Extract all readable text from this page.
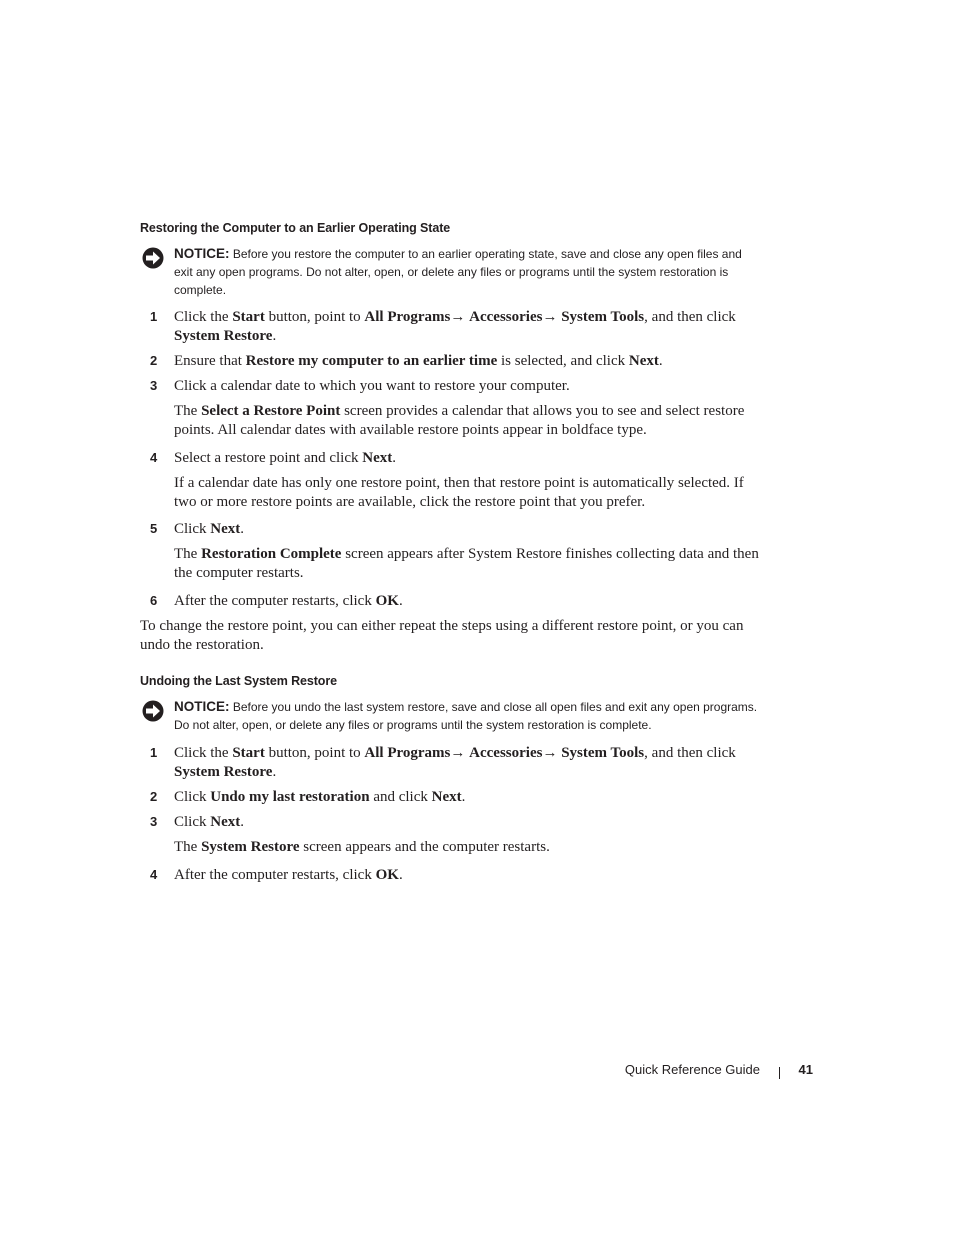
Restoring the Computer to an Earlier Operating State
NOTICE: Before you restore the computer to an earlier operating state, save and close any open files and exit any open programs. Do not alter, open, or delete any files or programs until the system restoration is complete.
1 Click the Start button, point to All Programs→ Accessories→ System Tools, and then click System Restore.
2 Ensure that Restore my computer to an earlier time is selected, and click Next.
3 Click a calendar date to which you want to restore your computer.
The Select a Restore Point screen provides a calendar that allows you to see and select restore points. All calendar dates with available restore points appear in boldface type.
4 Select a restore point and click Next.
If a calendar date has only one restore point, then that restore point is automatically selected. If two or more restore points are available, click the restore point that you prefer.
5 Click Next.
The Restoration Complete screen appears after System Restore finishes collecting data and then the computer restarts.
6 After the computer restarts, click OK.
To change the restore point, you can either repeat the steps using a different restore point, or you can undo the restoration.
Undoing the Last System Restore
NOTICE: Before you undo the last system restore, save and close all open files and exit any open programs. Do not alter, open, or delete any files or programs until the system restoration is complete.
1 Click the Start button, point to All Programs→ Accessories→ System Tools, and then click System Restore.
2 Click Undo my last restoration and click Next.
3 Click Next.
The System Restore screen appears and the computer restarts.
4 After the computer restarts, click OK.
Quick Reference Guide	41
